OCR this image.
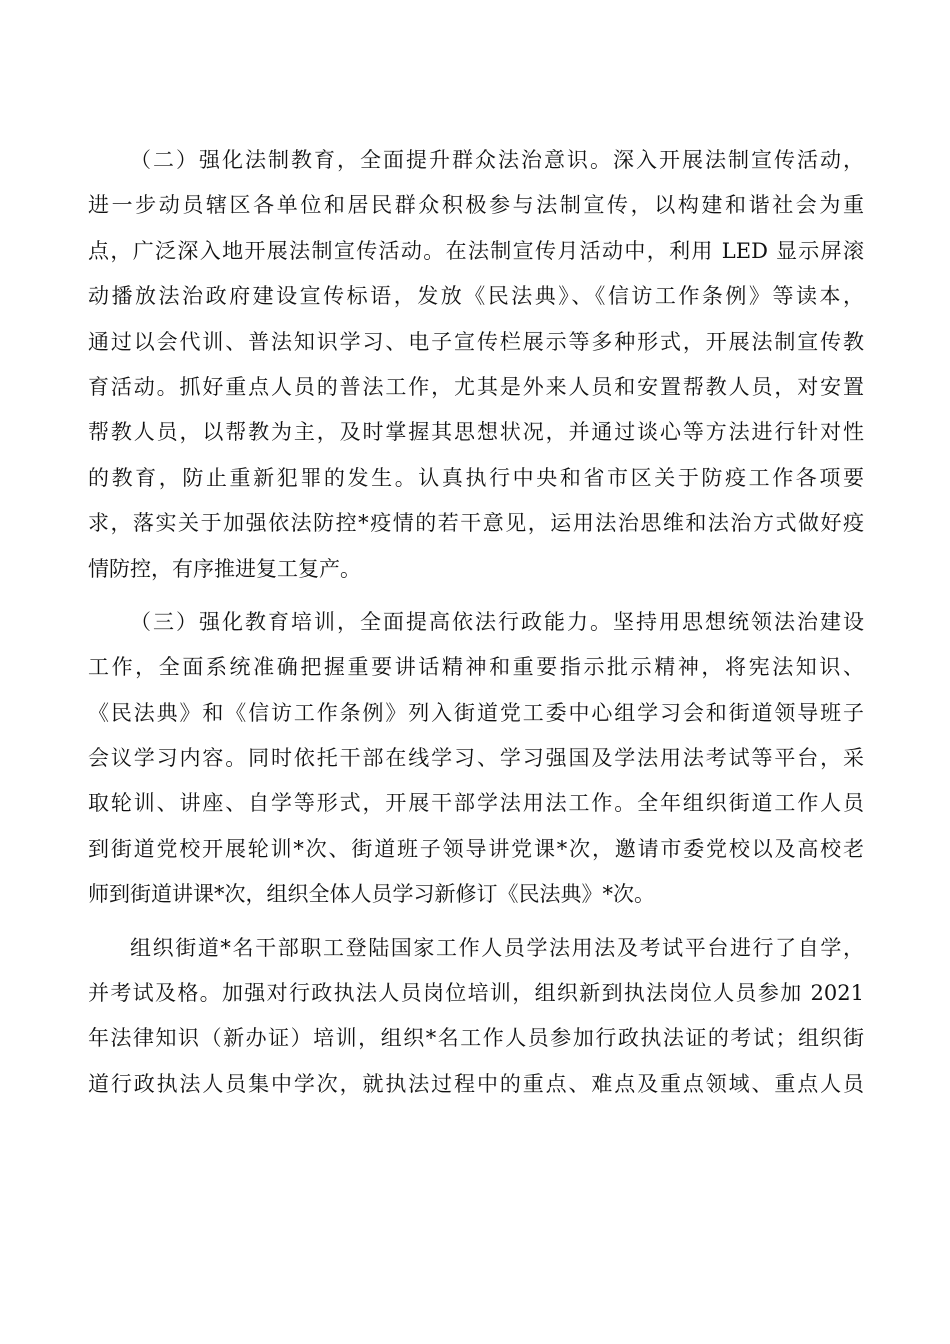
（二）强化法制教育，全面提升群众法治意识。深入开展法制宣传活动，
进一步动员辖区各单位和居民群众积极参与法制宣传，以构建和谐社会为重
点，广泛深入地开展法制宣传活动。在法制宣传月活动中，利用 LED 显示屏滚
动播放法治政府建设宣传标语，发放《民法典》、《信访工作条例》等读本，
通过以会代训、普法知识学习、电子宣传栏展示等多种形式，开展法制宣传教
育活动。抓好重点人员的普法工作，尤其是外来人员和安置帮教人员，对安置
帮教人员，以帮教为主，及时掌握其思想状况，并通过谈心等方法进行针对性
的教育，防止重新犯罪的发生。认真执行中央和省市区关于防疫工作各项要
求，落实关于加强依法防控*疫情的若干意见，运用法治思维和法治方式做好疫
情防控，有序推进复工复产。
（三）强化教育培训，全面提高依法行政能力。坚持用思想统领法治建设
工作，全面系统准确把握重要讲话精神和重要指示批示精神，将宪法知识、
《民法典》和《信访工作条例》列入街道党工委中心组学习会和街道领导班子
会议学习内容。同时依托干部在线学习、学习强国及学法用法考试等平台，采
取轮训、讲座、自学等形式，开展干部学法用法工作。全年组织街道工作人员
到街道党校开展轮训*次、街道班子领导讲党课*次，邀请市委党校以及高校老
师到街道讲课*次，组织全体人员学习新修订《民法典》*次。
组织街道*名干部职工登陆国家工作人员学法用法及考试平台进行了自学，
并考试及格。加强对行政执法人员岗位培训，组织新到执法岗位人员参加 2021
年法律知识（新办证）培训，组织*名工作人员参加行政执法证的考试；组织街
道行政执法人员集中学次，就执法过程中的重点、难点及重点领域、重点人员
